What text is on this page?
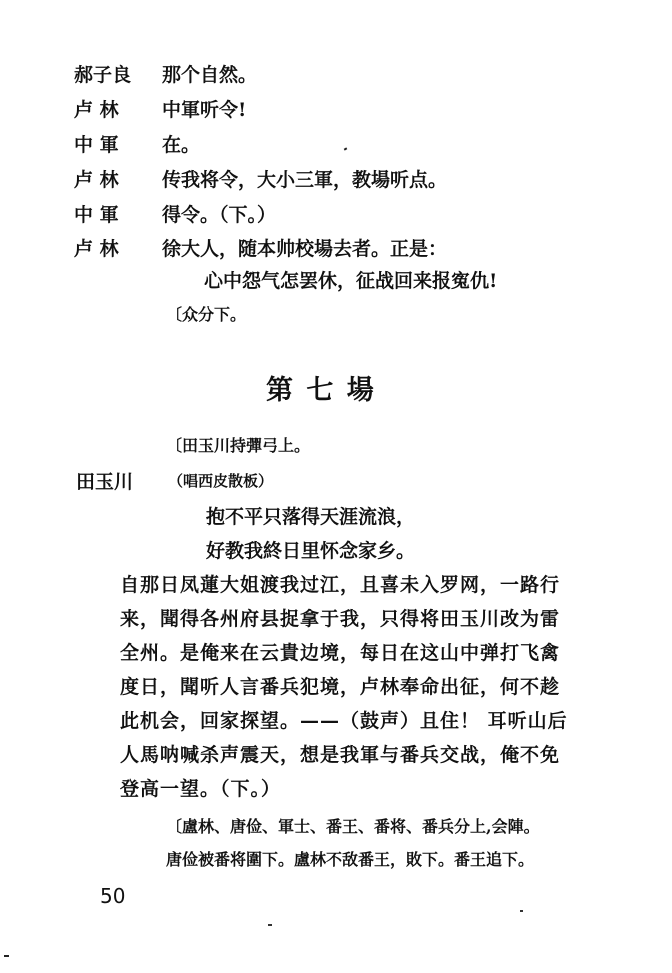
郝子良	那个自然。
卢 林	中軍听令!
中 軍	在。
卢 林	传我将令，大小三軍，教場听点。
中 軍	得令。（下。）
卢 林	徐大人，随本帅校場去者。正是：
心中怨气怎罢休，征战回来报寃仇!
〔众分下。
第 七 場
〔田玉川持彈弓上。
田玉川 （唱西皮散板）
抱不平只落得天涯流浪，
好教我終日里怀念家乡。
自那日凤蓮大姐渡我过江，且喜未入罗网，一路行
来，聞得各州府县捉拿于我，只得将田玉川改为雷
全州。是俺来在云貴边境，每日在这山中弹打飞禽
度日，聞听人言番兵犯境，卢林奉命出征，何不趁
此机会，回家探望。——（鼓声）且住！ 耳听山后
人馬呐喊杀声震天，想是我軍与番兵交战，俺不免
登高一望。（下。）
〔盧林、唐俭、軍士、番王、番将、番兵分上,会陣。
唐俭被番将圍下。盧林不敌番王，敗下。番王追下。
50
